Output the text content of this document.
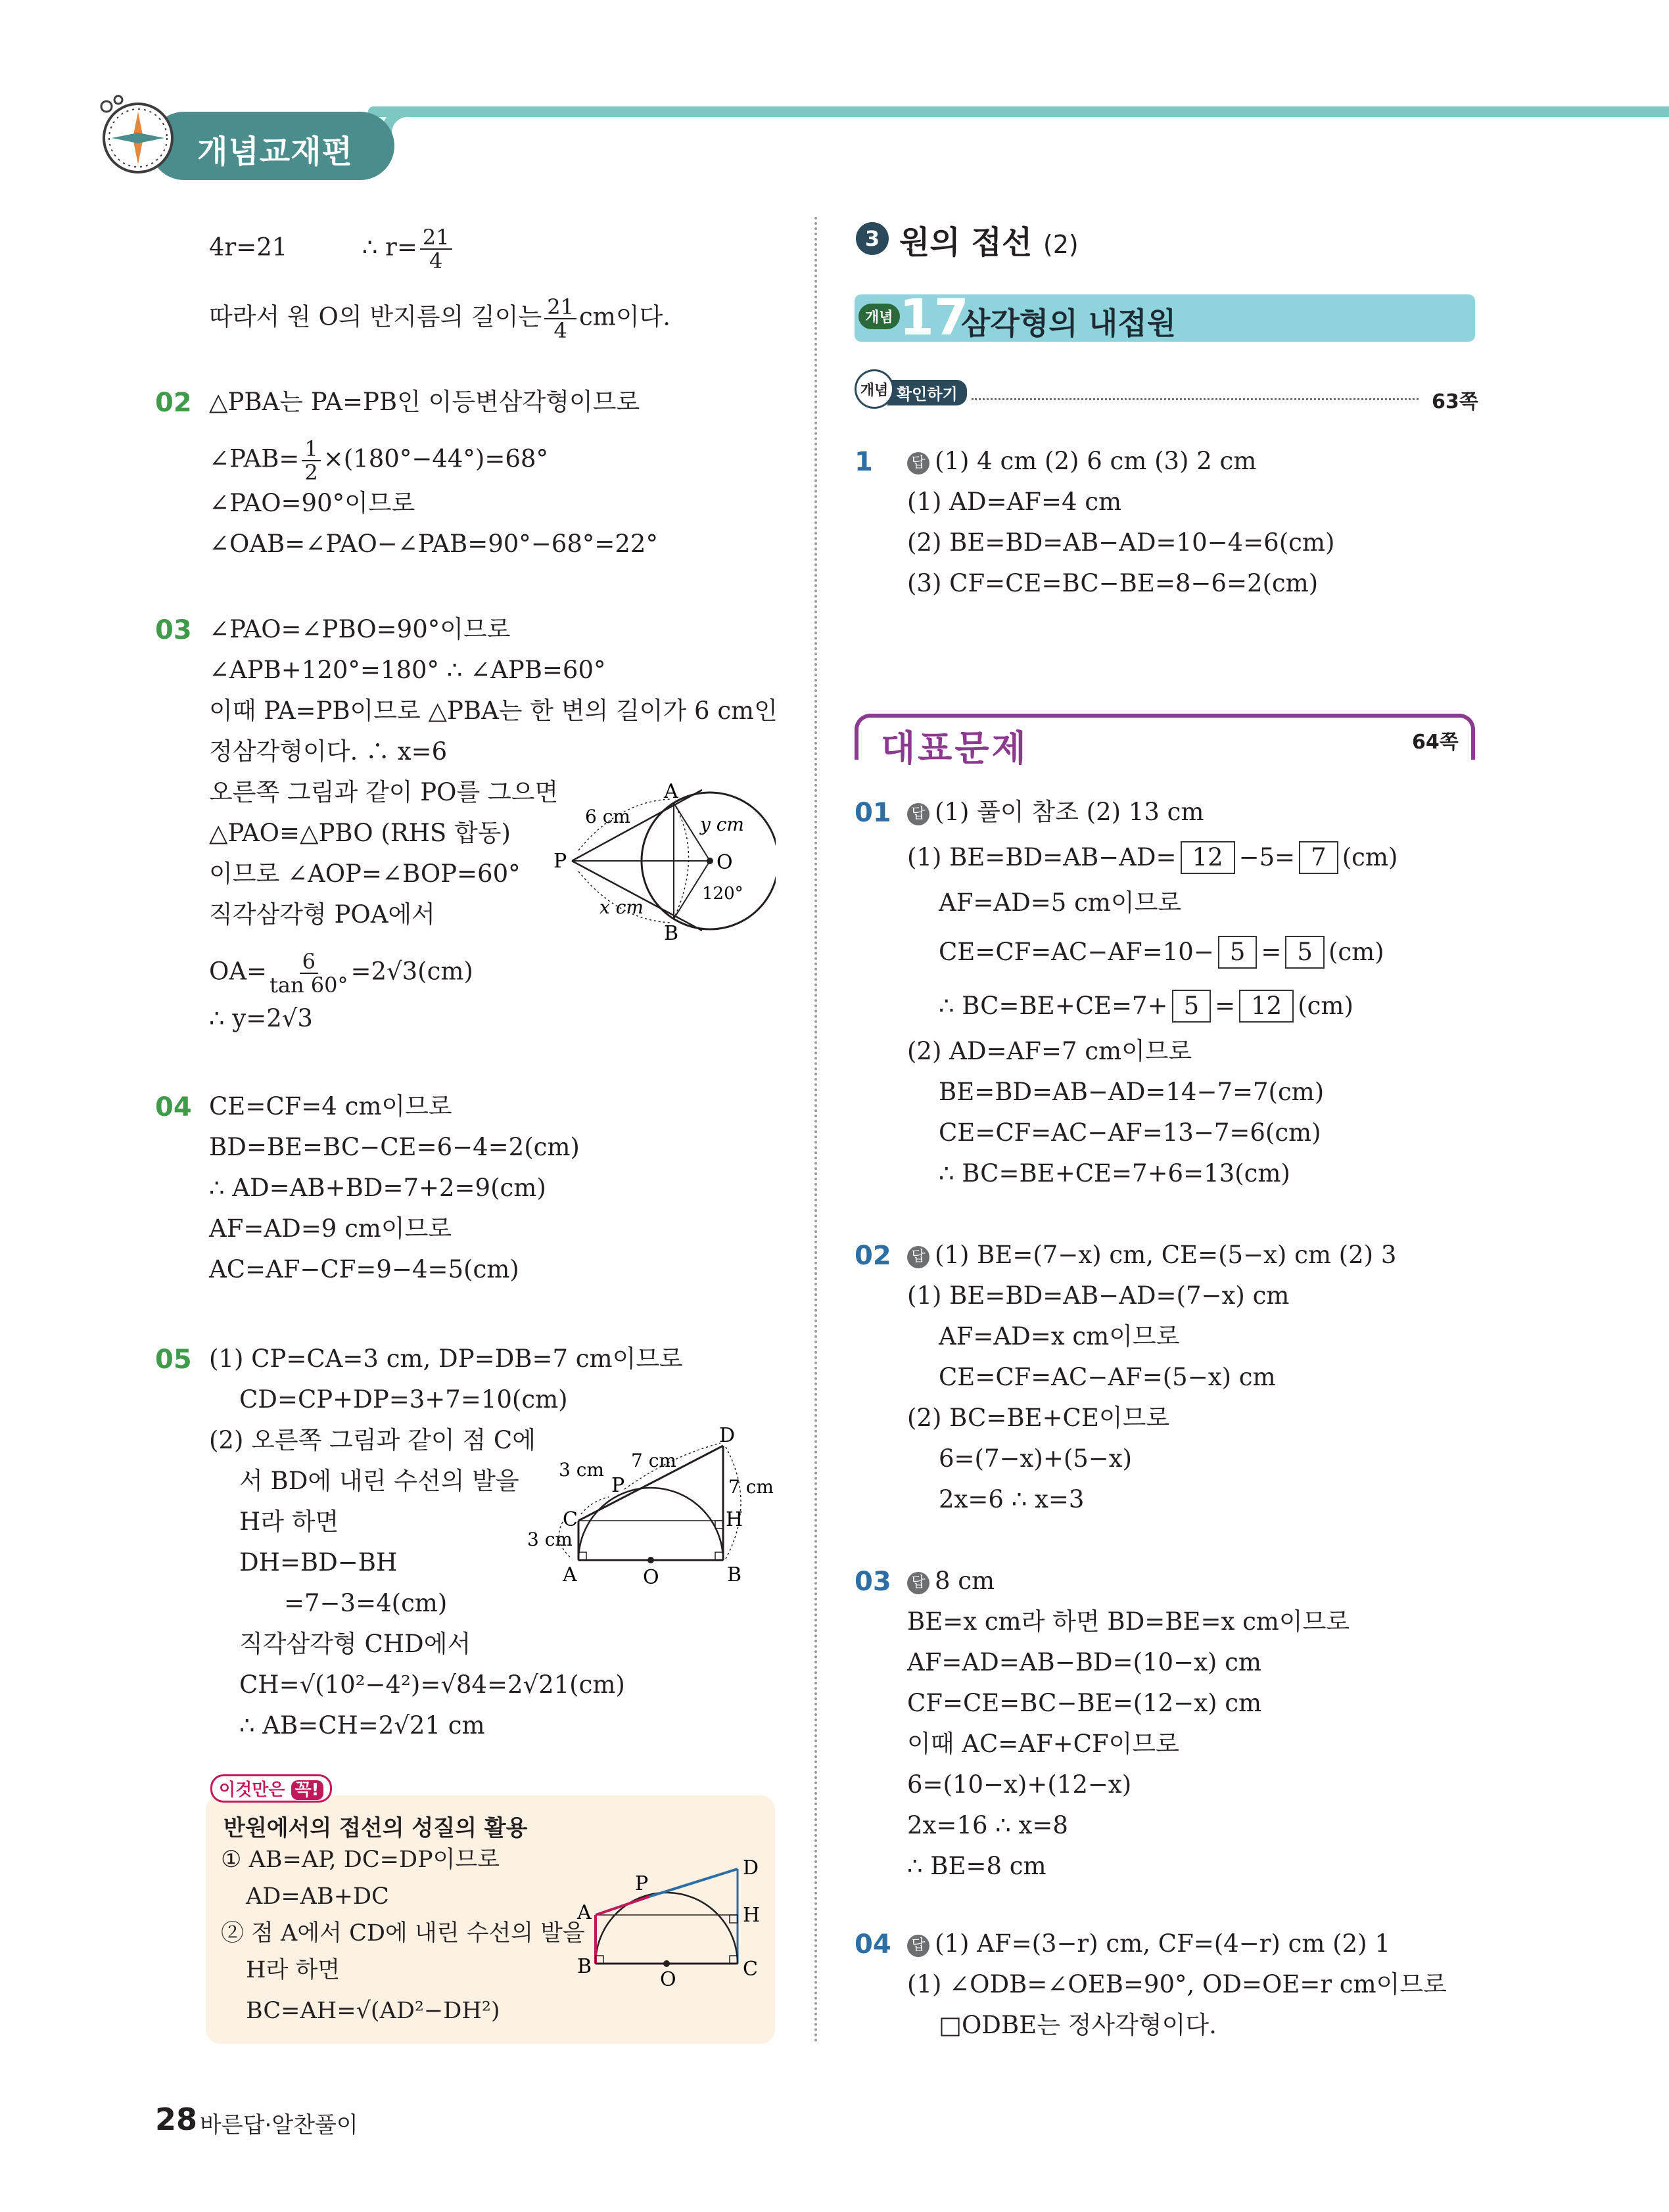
개념교재편
4r=21	∴ $r= \frac{21}{4}$
따라서 원 O의 반지름의 길이는 $\frac{21}{4}$ cm이다.
02 △PBA는 PA=PB인 이등변삼각형이므로
∠PAB= $\frac{1}{2} \times(180^\circ-44^\circ)=68^\circ$
∠PAO=90°이므로
∠OAB=∠PAO−∠PAB=90°−68°=22°
03 ∠PAO=∠PBO=90°이므로
∠APB+120°=180° ∴ ∠APB=60°
이때 PA=PB이므로 △PBA는 한 변의 길이가 6 cm인
정삼각형이다. ∴ x=6
오른쪽 그림과 같이 PO를 그으면
△PAO≡△PBO (RHS 합동)
이므로 ∠AOP=∠BOP=60°
직각삼각형 POA에서
$OA= \frac{6}{\tan 60^\circ} =2√3(cm)$
∴ y=2√3
A
B
P	O
6 cm
x cm
y cm
120°
04 CE=CF=4 cm이므로
BD=BE=BC−CE=6−4=2(cm)
∴ AD=AB+BD=7+2=9(cm)
AF=AD=9 cm이므로
AC=AF−CF=9−4=5(cm)
05 (1) CP=CA=3 cm, DP=DB=7 cm이므로
CD=CP+DP=3+7=10(cm)
(2) 오른쪽 그림과 같이 점 C에
서 BD에 내린 수선의 발을
H라 하면
DH=BD−BH
=7−3=4(cm)
직각삼각형 CHD에서
CH=√(10²−4²)=√84=2√21(cm)
∴ AB=CH=2√21 cm
A	B
C
D
H
O
P
3 cm
3 cm
7 cm
7 cm
이것만은 꼭!
반원에서의 접선의 성질의 활용
① AB=AP, DC=DP이므로
AD=AB+DC
② 점 A에서 CD에 내린 수선의 발을
H라 하면
BC=AH=√(AD²−DH²)
A
B	C
D
H
O
P
3 원의 접선 (2)
개념 17
삼각형의 내접원
확인하기
개념	63쪽
1	답 (1) 4 cm (2) 6 cm (3) 2 cm
(1) AD=AF=4 cm
(2) BE=BD=AB−AD=10−4=6(cm)
(3) CF=CE=BC−BE=8−6=2(cm)
대표문제	64쪽
01 답 (1) 풀이 참조 (2) 13 cm
(1) BE=BD=AB−AD= 12 −5= 7 (cm)
AF=AD=5 cm이므로
CE=CF=AC−AF=10− 5 = 5 (cm)
∴ BC=BE+CE=7+ 5 = 12 (cm)
(2) AD=AF=7 cm이므로
BE=BD=AB−AD=14−7=7(cm)
CE=CF=AC−AF=13−7=6(cm)
∴ BC=BE+CE=7+6=13(cm)
02 답 (1) BE=(7−x) cm, CE=(5−x) cm (2) 3
(1) BE=BD=AB−AD=(7−x) cm
AF=AD=x cm이므로
CE=CF=AC−AF=(5−x) cm
(2) BC=BE+CE이므로
6=(7−x)+(5−x)
2x=6 ∴ x=3
03 답 8 cm
BE=x cm라 하면 BD=BE=x cm이므로
AF=AD=AB−BD=(10−x) cm
CF=CE=BC−BE=(12−x) cm
이때 AC=AF+CF이므로
6=(10−x)+(12−x)
2x=16 ∴ x=8
∴ BE=8 cm
04 답 (1) AF=(3−r) cm, CF=(4−r) cm (2) 1
(1) ∠ODB=∠OEB=90°, OD=OE=r cm이므로
□ODBE는 정사각형이다.
28 바른답·알찬풀이
